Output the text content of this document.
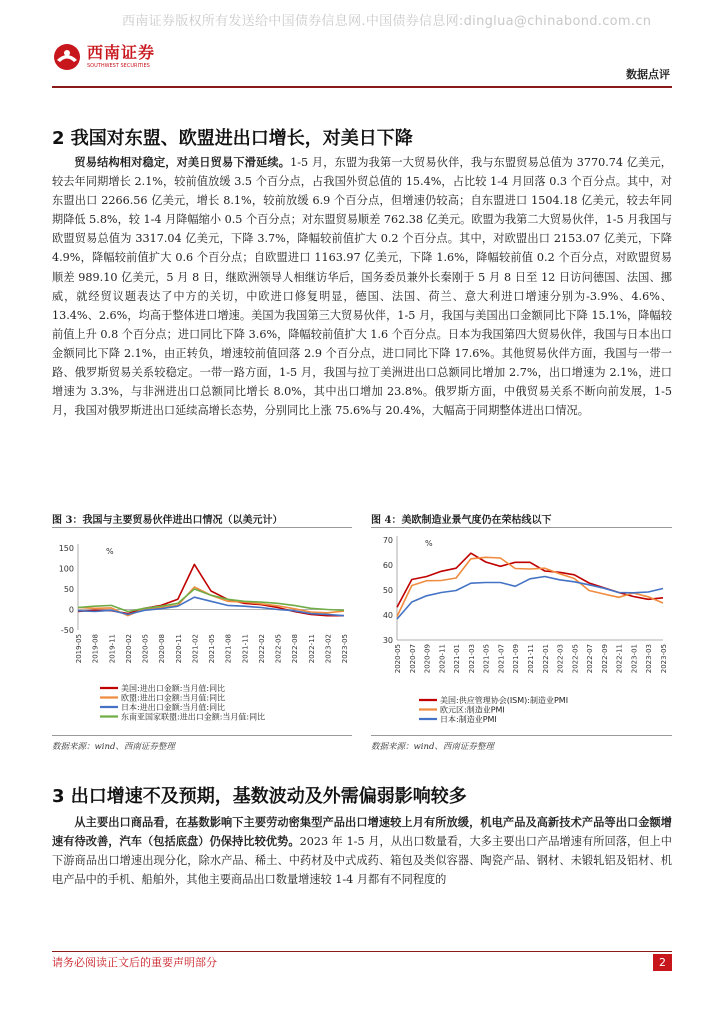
西南证券版权所有发送给中国债券信息网.中国债券信息网:dinglua@chinabond.com.cn
西南证券
SOUTHWEST SECURITIES
数据点评
2 我国对东盟、欧盟进出口增长，对美日下降
贸易结构相对稳定，对美日贸易下滑延续。1-5 月，东盟为我第一大贸易伙伴，我与东盟贸易总值为 3770.74 亿美元，较去年同期增长 2.1%，较前值放缓 3.5 个百分点，占我国外贸总值的 15.4%，占比较 1-4 月回落 0.3 个百分点。其中，对东盟出口 2266.56 亿美元，增长 8.1%，较前放缓 6.9 个百分点，但增速仍较高；自东盟进口 1504.18 亿美元，较去年同期降低 5.8%，较 1-4 月降幅缩小 0.5 个百分点；对东盟贸易顺差 762.38 亿美元。欧盟为我第二大贸易伙伴，1-5 月我国与欧盟贸易总值为 3317.04 亿美元，下降 3.7%，降幅较前值扩大 0.2 个百分点。其中，对欧盟出口 2153.07 亿美元，下降 4.9%，降幅较前值扩大 0.6 个百分点；自欧盟进口 1163.97 亿美元，下降 1.6%，降幅较前值 0.2 个百分点，对欧盟贸易顺差 989.10 亿美元，5 月 8 日，继欧洲领导人相继访华后，国务委员兼外长秦刚于 5 月 8 日至 12 日访问德国、法国、挪威，就经贸议题表达了中方的关切，中欧进口修复明显，德国、法国、荷兰、意大利进口增速分别为-3.9%、4.6%、13.4%、2.6%，均高于整体进口增速。美国为我国第三大贸易伙伴，1-5 月，我国与美国出口金额同比下降 15.1%，降幅较前值上升 0.8 个百分点；进口同比下降 3.6%，降幅较前值扩大 1.6 个百分点。日本为我国第四大贸易伙伴，我国与日本出口金额同比下降 2.1%，由正转负，增速较前值回落 2.9 个百分点，进口同比下降 17.6%。其他贸易伙伴方面，我国与一带一路、俄罗斯贸易关系较稳定。一带一路方面，1-5 月，我国与拉丁美洲进出口总额同比增加 2.7%，出口增速为 2.1%，进口增速为 3.3%，与非洲进出口总额同比增长 8.0%，其中出口增加 23.8%。俄罗斯方面，中俄贸易关系不断向前发展，1-5 月，我国对俄罗斯进出口延续高增长态势，分别同比上涨 75.6%与 20.4%，大幅高于同期整体进出口情况。
图 3：我国与主要贸易伙伴进出口情况（以美元计）
%
-50
0
50
100
150
2019-05 2019-08 2019-11 2020-02 2020-05 2020-08 2020-11 2021-02 2021-05 2021-08 2021-11 2022-02 2022-05 2022-08 2022-11 2023-02 2023-05
美国:进出口金额:当月值:同比
欧盟:进出口金额:当月值:同比
日本:进出口金额:当月值:同比
东南亚国家联盟:进出口金额:当月值:同比
数据来源：wind、西南证券整理
图 4：美欧制造业景气度仍在荣枯线以下
%
30
40
50
60
70
2020-05 2020-07 2020-09 2020-11 2021-01 2021-03 2021-05 2021-07 2021-09 2021-11 2022-01 2022-03 2022-05 2022-07 2022-09 2022-11 2023-01 2023-03 2023-05
美国:供应管理协会(ISM):制造业PMI
欧元区:制造业PMI
日本:制造业PMI
数据来源：wind、西南证券整理
3 出口增速不及预期，基数波动及外需偏弱影响较多
从主要出口商品看，在基数影响下主要劳动密集型产品出口增速较上月有所放缓，机电产品及高新技术产品等出口金额增速有待改善，汽车（包括底盘）仍保持比较优势。2023 年 1-5 月，从出口数量看，大多主要出口产品增速有所回落，但上中下游商品出口增速出现分化，除水产品、稀土、中药材及中式成药、箱包及类似容器、陶瓷产品、钢材、未锻轧铝及铝材、机电产品中的手机、船舶外，其他主要商品出口数量增速较 1-4 月都有不同程度的
请务必阅读正文后的重要声明部分	2
